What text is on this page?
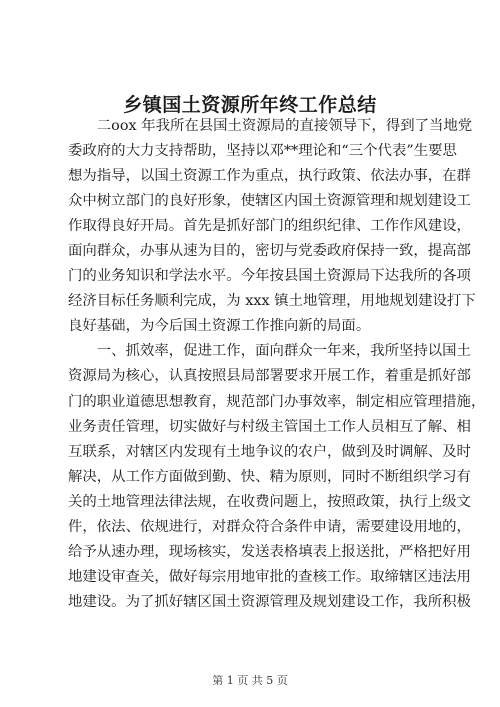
乡镇国土资源所年终工作总结
　　二ooх 年我所在县国土资源局的直接领导下，得到了当地党
委政府的大力支持帮助，坚持以邓**理论和“三个代表”生要思
想为指导，以国土资源工作为重点，执行政策、依法办事，在群
众中树立部门的良好形象，使辖区内国土资源管理和规划建设工
作取得良好开局。首先是抓好部门的组织纪律、工作作风建设，
面向群众，办事从速为目的，密切与党委政府保持一致，提高部
门的业务知识和学法水平。今年按县国土资源局下达我所的各项
经济目标任务顺利完成，为 xxx 镇土地管理，用地规划建设打下
良好基础，为今后国土资源工作推向新的局面。
　　一、抓效率，促进工作，面向群众一年来，我所坚持以国土
资源局为核心，认真按照县局部署要求开展工作，着重是抓好部
门的职业道德思想教育，规范部门办事效率，制定相应管理措施，
业务责任管理，切实做好与村级主管国土工作人员相互了解、相
互联系，对辖区内发现有土地争议的农户，做到及时调解、及时
解决，从工作方面做到勤、快、精为原则，同时不断组织学习有
关的土地管理法律法规，在收费问题上，按照政策，执行上级文
件，依法、依规进行，对群众符合条件申请，需要建设用地的，
给予从速办理，现场核实，发送表格填表上报送批，严格把好用
地建设审查关，做好每宗用地审批的查核工作。取缔辖区违法用
地建设。为了抓好辖区国土资源管理及规划建设工作，我所积极
第 1 页 共 5 页
